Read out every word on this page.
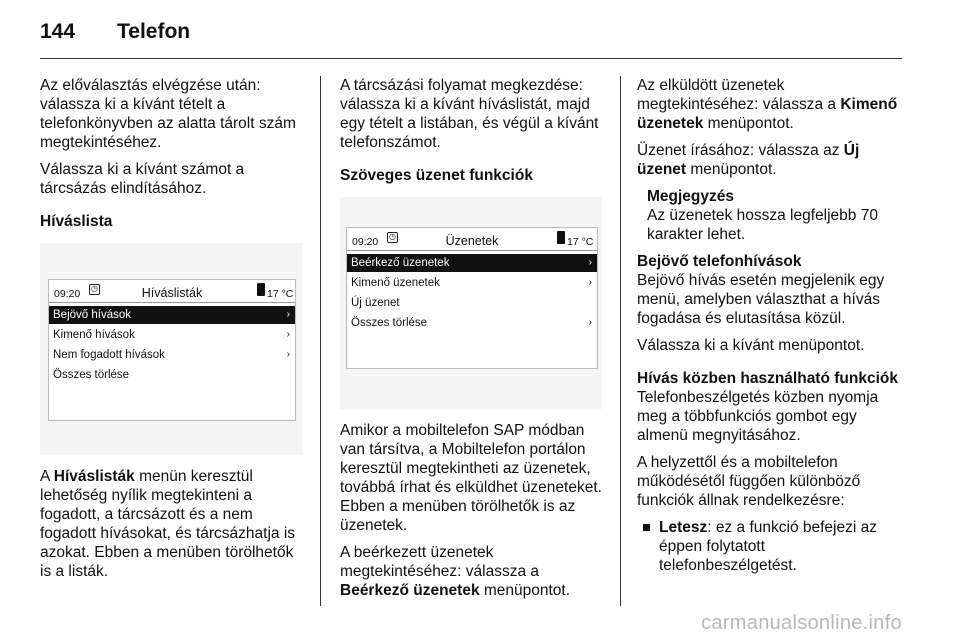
144 Telefon

Az előválasztás elvégzése után: válassza ki a kívánt tételt a telefonkönyvben az alatta tárolt szám megtekintéséhez.

Válassza ki a kívánt számot a tárcsázás elindításához.

Híváslista
09:20 ◷	Híváslisták	17 °C
Bejövő hívások	›
Kimenő hívások	›
Nem fogadott hívások	›
Összes törlése

A Híváslisták menün keresztül lehetőség nyílik megtekinteni a fogadott, a tárcsázott és a nem fogadott hívásokat, és tárcsázhatja is azokat. Ebben a menüben törölhetők is a listák.

A tárcsázási folyamat megkezdése: válassza ki a kívánt híváslistát, majd egy tételt a listában, és végül a kívánt telefonszámot.

Szöveges üzenet funkciók
09:20 ◷	Üzenetek	17 °C
Beérkező üzenetek	›
Kimenő üzenetek	›
Új üzenet
Összes törlése	›

Amikor a mobiltelefon SAP módban van társítva, a Mobiltelefon portálon keresztül megtekintheti az üzenetek, továbbá írhat és elküldhet üzeneteket. Ebben a menüben törölhetők is az üzenetek.

A beérkezett üzenetek megtekintéséhez: válassza a Beérkező üzenetek menüpontot.

Az elküldött üzenetek megtekintéséhez: válassza a Kimenő üzenetek menüpontot.

Üzenet írásához: válassza az Új üzenet menüpontot.

Megjegyzés
Az üzenetek hossza legfeljebb 70 karakter lehet.
Bejövő telefonhívások

Bejövő hívás esetén megjelenik egy menü, amelyben választhat a hívás fogadása és elutasítása közül.

Válassza ki a kívánt menüpontot.

Hívás közben használható funkciók

Telefonbeszélgetés közben nyomja meg a többfunkciós gombot egy almenü megnyitásához.

A helyzettől és a mobiltelefon működésétől függően különböző funkciók állnak rendelkezésre:

Letesz: ez a funkció befejezi az éppen folytatott telefonbeszélgetést.
carmanualsonline.info
